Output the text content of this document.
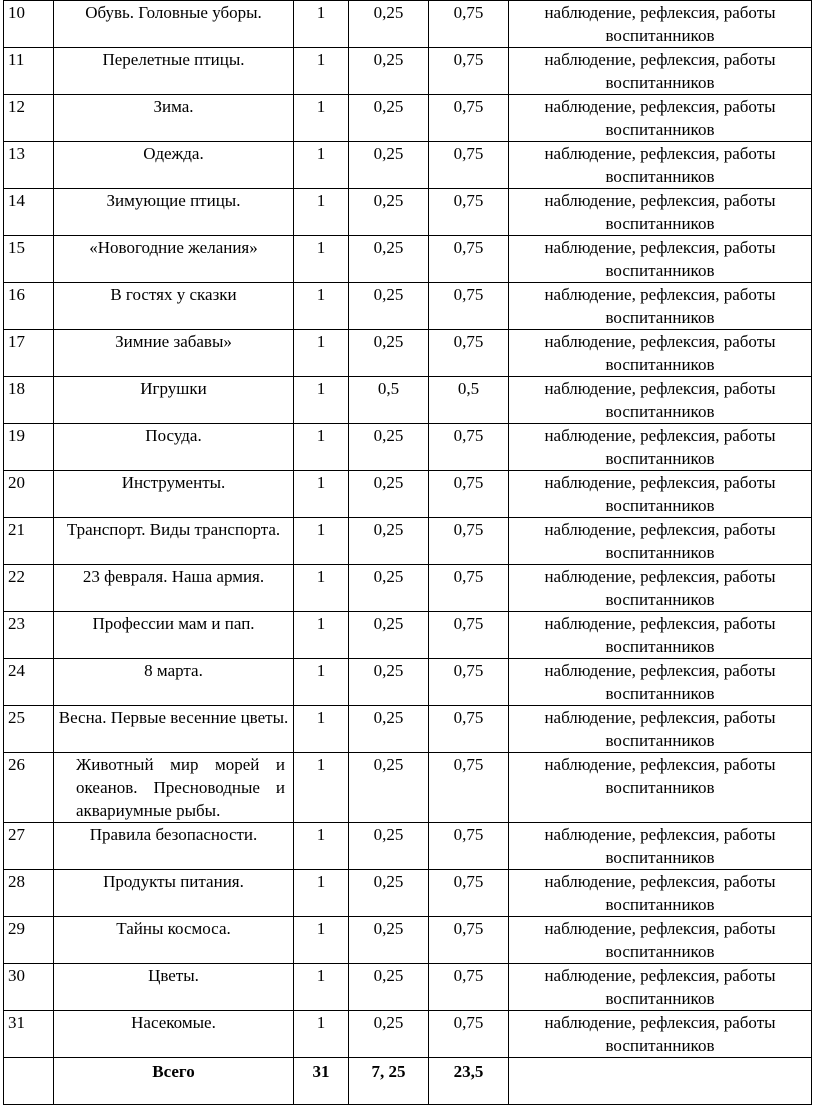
10	Обувь. Головные уборы.	1	0,25	0,75	наблюдение, рефлексия, работы воспитанников
11	Перелетные птицы.	1	0,25	0,75	наблюдение, рефлексия, работы воспитанников
12	Зима.	1	0,25	0,75	наблюдение, рефлексия, работы воспитанников
13	Одежда.	1	0,25	0,75	наблюдение, рефлексия, работы воспитанников
14	Зимующие птицы.	1	0,25	0,75	наблюдение, рефлексия, работы воспитанников
15	«Новогодние желания»	1	0,25	0,75	наблюдение, рефлексия, работы воспитанников
16	В гостях у сказки	1	0,25	0,75	наблюдение, рефлексия, работы воспитанников
17	Зимние забавы»	1	0,25	0,75	наблюдение, рефлексия, работы воспитанников
18	Игрушки	1	0,5	0,5	наблюдение, рефлексия, работы воспитанников
19	Посуда.	1	0,25	0,75	наблюдение, рефлексия, работы воспитанников
20	Инструменты.	1	0,25	0,75	наблюдение, рефлексия, работы воспитанников
21	Транспорт. Виды транспорта.	1	0,25	0,75	наблюдение, рефлексия, работы воспитанников
22	23 февраля. Наша армия.	1	0,25	0,75	наблюдение, рефлексия, работы воспитанников
23	Профессии мам и пап.	1	0,25	0,75	наблюдение, рефлексия, работы воспитанников
24	8 марта.	1	0,25	0,75	наблюдение, рефлексия, работы воспитанников
25	Весна. Первые весенние цветы.	1	0,25	0,75	наблюдение, рефлексия, работы воспитанников
26	Животный мир морей и океанов. Пресноводные и аквариумные рыбы.	1	0,25	0,75	наблюдение, рефлексия, работы воспитанников
27	Правила безопасности.	1	0,25	0,75	наблюдение, рефлексия, работы воспитанников
28	Продукты питания.	1	0,25	0,75	наблюдение, рефлексия, работы воспитанников
29	Тайны космоса.	1	0,25	0,75	наблюдение, рефлексия, работы воспитанников
30	Цветы.	1	0,25	0,75	наблюдение, рефлексия, работы воспитанников
31	Насекомые.	1	0,25	0,75	наблюдение, рефлексия, работы воспитанников
	Всего	31	7, 25	23,5	
